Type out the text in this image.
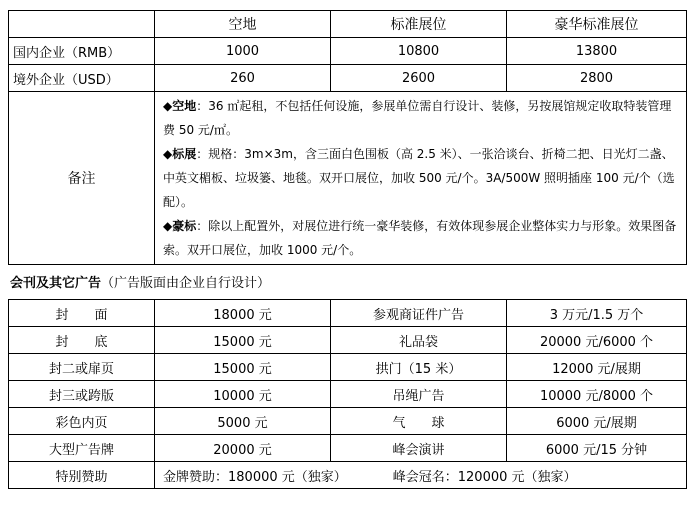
	空地	标准展位	豪华标准展位
国内企业（RMB）	1000	10800	13800
境外企业（USD）	260	2600	2800
备注	◆空地：36 ㎡起租，不包括任何设施，参展单位需自行设计、装修，另按展馆规定收取特装管理费 50 元/㎡。

◆标展：规格：3m×3m，含三面白色围板（高 2.5 米）、一张洽谈台、折椅二把、日光灯二盏、中英文楣板、垃圾篓、地毯。双开口展位，加收 500 元/个。3A/500W 照明插座 100 元/个（选配）。

◆豪标：除以上配置外，对展位进行统一豪华装修，有效体现参展企业整体实力与形象。效果图备索。双开口展位，加收 1000 元/个。		

会刊及其它广告（广告版面由企业自行设计）
封　　面	18000 元	参观商证件广告	3 万元/1.5 万个
封　　底	15000 元	礼品袋	20000 元/6000 个
封二或扉页	15000 元	拱门（15 米）	12000 元/展期
封三或跨版	10000 元	吊绳广告	10000 元/8000 个
彩色内页	5000 元	气　　球	6000 元/展期
大型广告牌	20000 元	峰会演讲	6000 元/15 分钟
特别赞助	金牌赞助：180000 元（独家） 峰会冠名：120000 元（独家）		
